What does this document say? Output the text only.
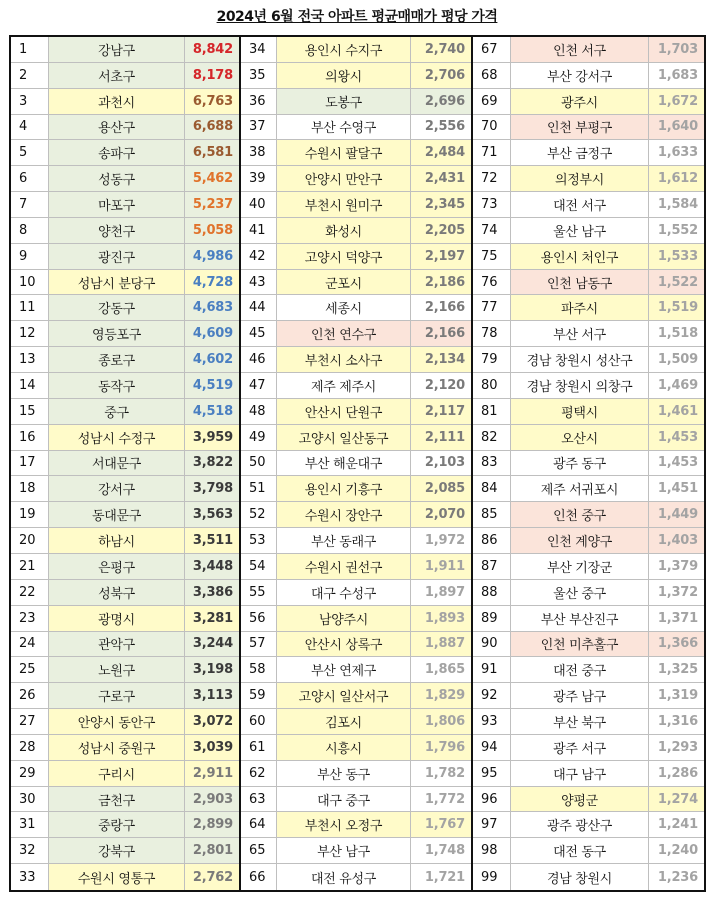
2024년 6월 전국 아파트 평균매매가 평당 가격
1	강남구	8,842
2	서초구	8,178
3	과천시	6,763
4	용산구	6,688
5	송파구	6,581
6	성동구	5,462
7	마포구	5,237
8	양천구	5,058
9	광진구	4,986
10	성남시 분당구	4,728
11	강동구	4,683
12	영등포구	4,609
13	종로구	4,602
14	동작구	4,519
15	중구	4,518
16	성남시 수정구	3,959
17	서대문구	3,822
18	강서구	3,798
19	동대문구	3,563
20	하남시	3,511
21	은평구	3,448
22	성북구	3,386
23	광명시	3,281
24	관악구	3,244
25	노원구	3,198
26	구로구	3,113
27	안양시 동안구	3,072
28	성남시 중원구	3,039
29	구리시	2,911
30	금천구	2,903
31	중랑구	2,899
32	강북구	2,801
33	수원시 영통구	2,762
34	용인시 수지구	2,740
35	의왕시	2,706
36	도봉구	2,696
37	부산 수영구	2,556
38	수원시 팔달구	2,484
39	안양시 만안구	2,431
40	부천시 원미구	2,345
41	화성시	2,205
42	고양시 덕양구	2,197
43	군포시	2,186
44	세종시	2,166
45	인천 연수구	2,166
46	부천시 소사구	2,134
47	제주 제주시	2,120
48	안산시 단원구	2,117
49	고양시 일산동구	2,111
50	부산 해운대구	2,103
51	용인시 기흥구	2,085
52	수원시 장안구	2,070
53	부산 동래구	1,972
54	수원시 권선구	1,911
55	대구 수성구	1,897
56	남양주시	1,893
57	안산시 상록구	1,887
58	부산 연제구	1,865
59	고양시 일산서구	1,829
60	김포시	1,806
61	시흥시	1,796
62	부산 동구	1,782
63	대구 중구	1,772
64	부천시 오정구	1,767
65	부산 남구	1,748
66	대전 유성구	1,721
67	인천 서구	1,703
68	부산 강서구	1,683
69	광주시	1,672
70	인천 부평구	1,640
71	부산 금정구	1,633
72	의정부시	1,612
73	대전 서구	1,584
74	울산 남구	1,552
75	용인시 처인구	1,533
76	인천 남동구	1,522
77	파주시	1,519
78	부산 서구	1,518
79	경남 창원시 성산구	1,509
80	경남 창원시 의창구	1,469
81	평택시	1,461
82	오산시	1,453
83	광주 동구	1,453
84	제주 서귀포시	1,451
85	인천 중구	1,449
86	인천 계양구	1,403
87	부산 기장군	1,379
88	울산 중구	1,372
89	부산 부산진구	1,371
90	인천 미추홀구	1,366
91	대전 중구	1,325
92	광주 남구	1,319
93	부산 북구	1,316
94	광주 서구	1,293
95	대구 남구	1,286
96	양평군	1,274
97	광주 광산구	1,241
98	대전 동구	1,240
99	경남 창원시	1,236
